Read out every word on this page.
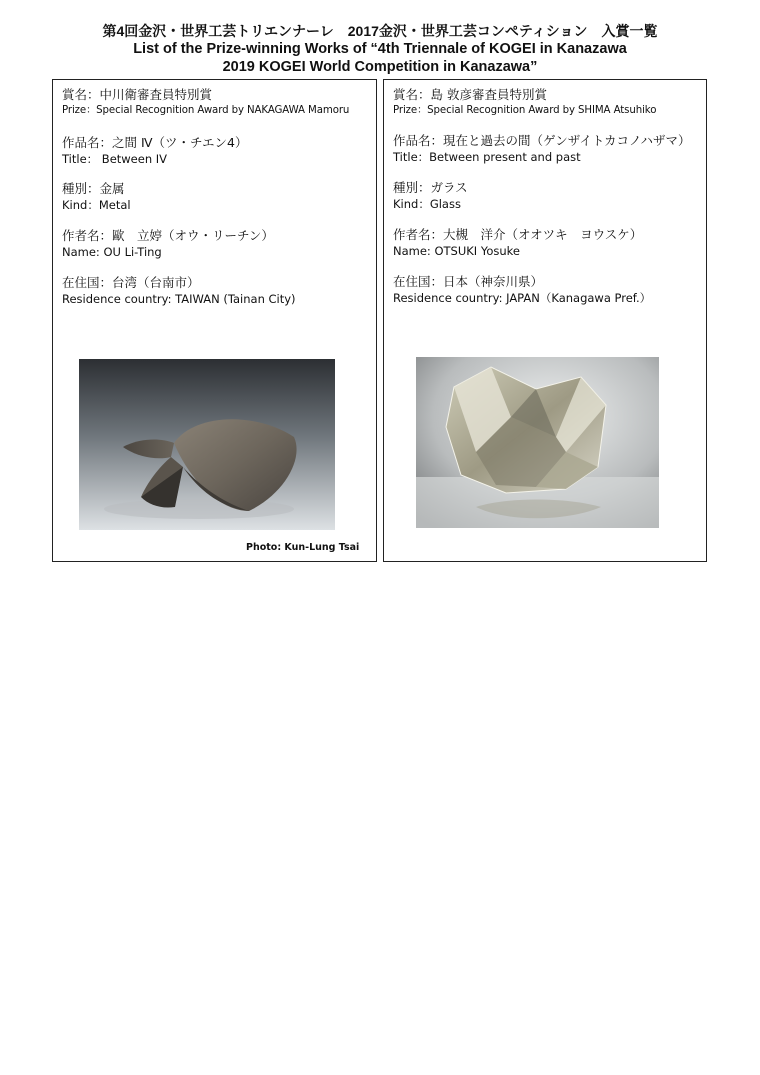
第4回金沢・世界工芸トリエンナーレ　2017金沢・世界工芸コンペティション　入賞一覧
List of the Prize-winning Works of “4th Triennale of KOGEI in Kanazawa
2019 KOGEI World Competition in Kanazawa”
賞名：中川衛審査員特別賞
Prize：Special Recognition Award by NAKAGAWA Mamoru
作品名：之間 Ⅳ（ツ・チエン4）
Title： Between IV
種別：金属
Kind：Metal
作者名：歐　立婷（オウ・リーチン）
Name: OU Li-Ting
在住国：台湾（台南市）
Residence country: TAIWAN (Tainan City)
Photo: Kun-Lung Tsai
賞名：島 敦彦審査員特別賞
Prize：Special Recognition Award by SHIMA Atsuhiko
作品名：現在と過去の間（ゲンザイトカコノハザマ）
Title：Between present and past
種別：ガラス
Kind：Glass
作者名：大槻　洋介（オオツキ　ヨウスケ）
Name: OTSUKI Yosuke
在住国：日本（神奈川県）
Residence country: JAPAN（Kanagawa Pref.）
